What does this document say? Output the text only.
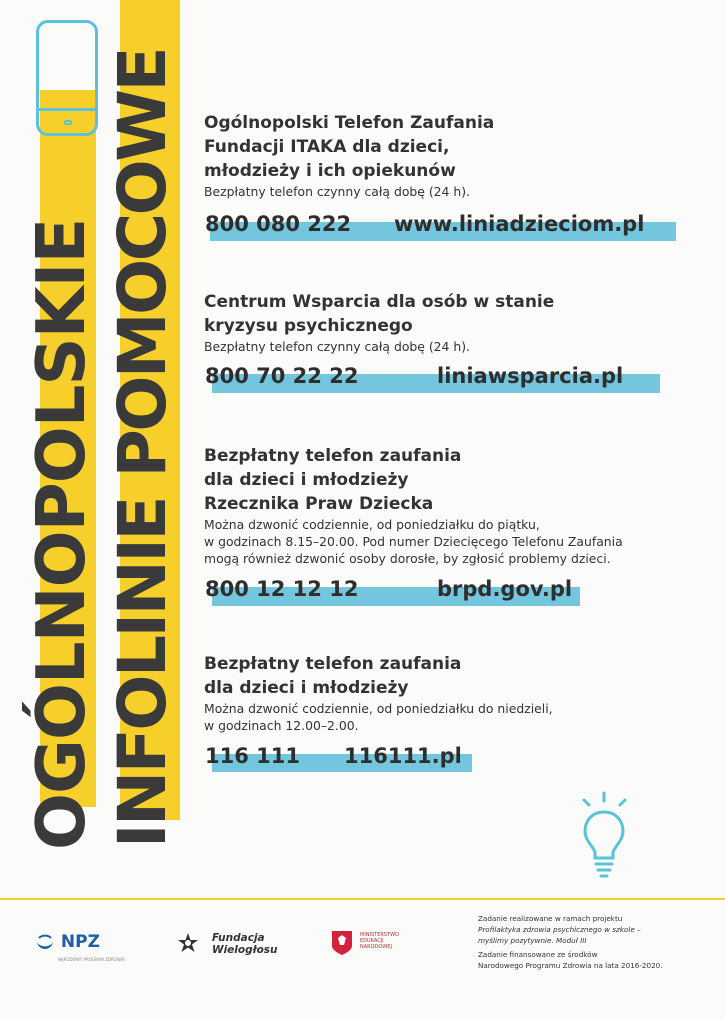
OGÓLNOPOLSKIE INFOLINIE POMOCOWE Ogólnopolski Telefon Zaufania
Fundacji ITAKA dla dzieci,
młodzieży i ich opiekunów
Bezpłatny telefon czynny całą dobę (24 h).
800 080 222 www.liniadzieciom.pl
Centrum Wsparcia dla osób w stanie
kryzysu psychicznego
Bezpłatny telefon czynny całą dobę (24 h).
800 70 22 22	liniawsparcia.pl
Bezpłatny telefon zaufania
dla dzieci i młodzieży
Rzecznika Praw Dziecka
Można dzwonić codziennie, od poniedziałku do piątku,
w godzinach 8.15–20.00. Pod numer Dziecięcego Telefonu Zaufania
mogą również dzwonić osoby dorosłe, by zgłosić problemy dzieci.
800 12 12 12	brpd.gov.pl
Bezpłatny telefon zaufania
dla dzieci i młodzieży
Można dzwonić codziennie, od poniedziałku do niedzieli,
w godzinach 12.00–2.00.
116 111 116111.pl
NPZ
NARODOWY PROGRAM ZDROWIA
Fundacja
Wielogłosu
MINISTERSTWO
EDUKACJI
NARODOWEJ
Zadanie realizowane w ramach projektu
Profilaktyka zdrowia psychicznego w szkole –
myślimy pozytywnie. Moduł III
Zadanie finansowane ze środków
Narodowego Programu Zdrowia na lata 2016-2020.
